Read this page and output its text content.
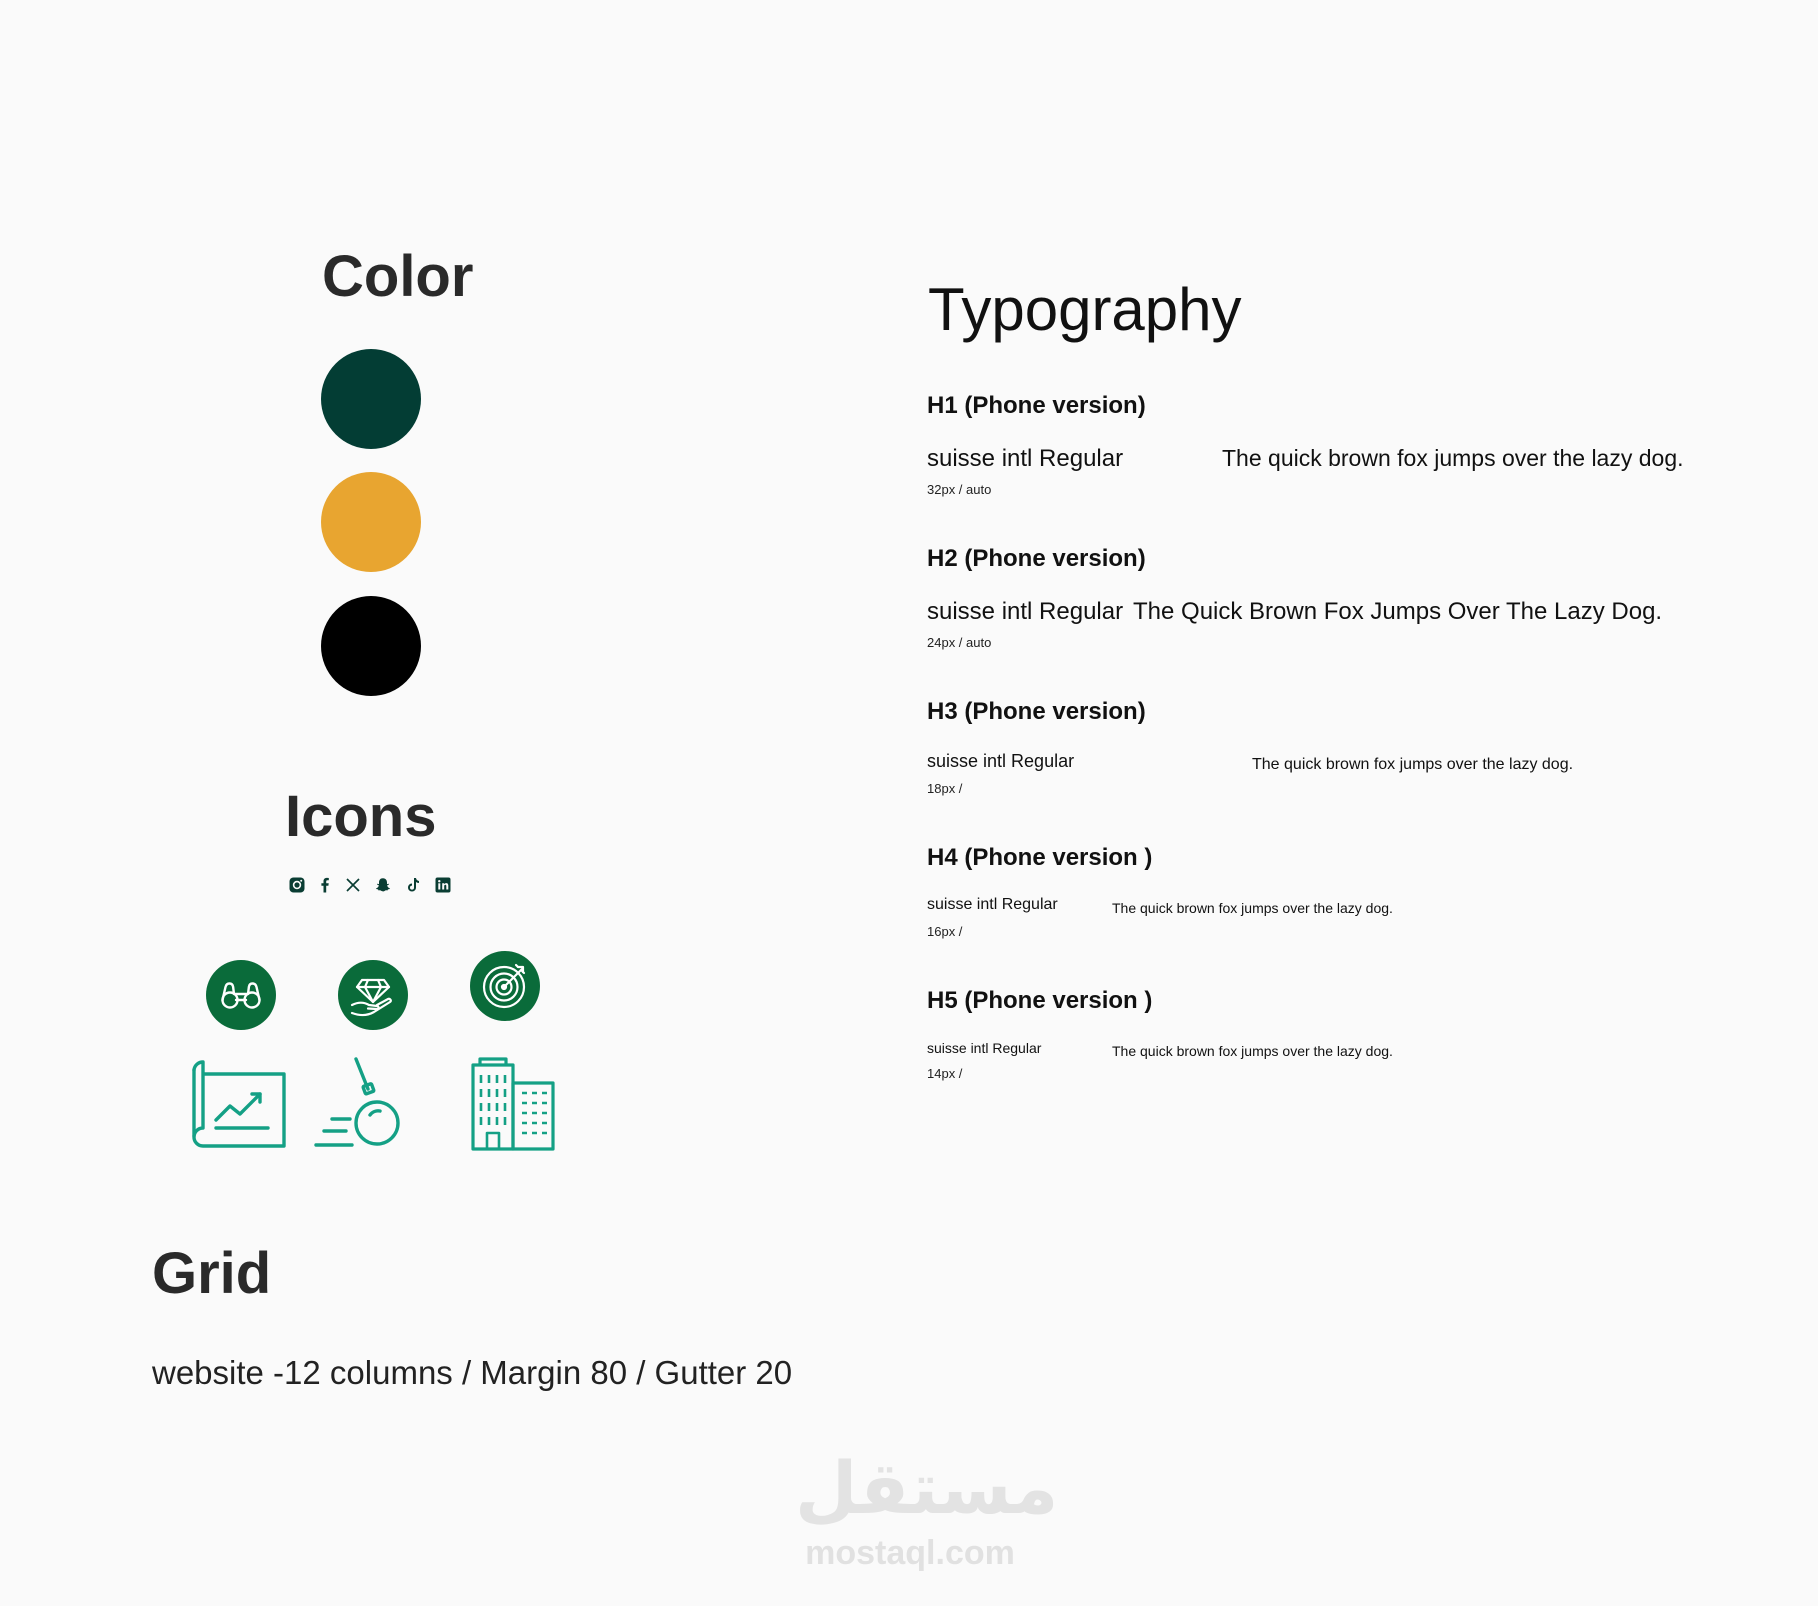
Color
Icons
Grid
website -12 columns / Margin 80 / Gutter 20
Typography
H1 (Phone version)
suisse intl Regular
32px / auto
The quick brown fox jumps over the lazy dog.
H2 (Phone version)
suisse intl Regular
24px / auto
The Quick Brown Fox Jumps Over The Lazy Dog.
H3 (Phone version)
suisse intl Regular
18px /
The quick brown fox jumps over the lazy dog.
H4 (Phone version )
suisse intl Regular
16px /
The quick brown fox jumps over the lazy dog.
H5 (Phone version )
suisse intl Regular
14px /
The quick brown fox jumps over the lazy dog.
مستقل
mostaql.com
